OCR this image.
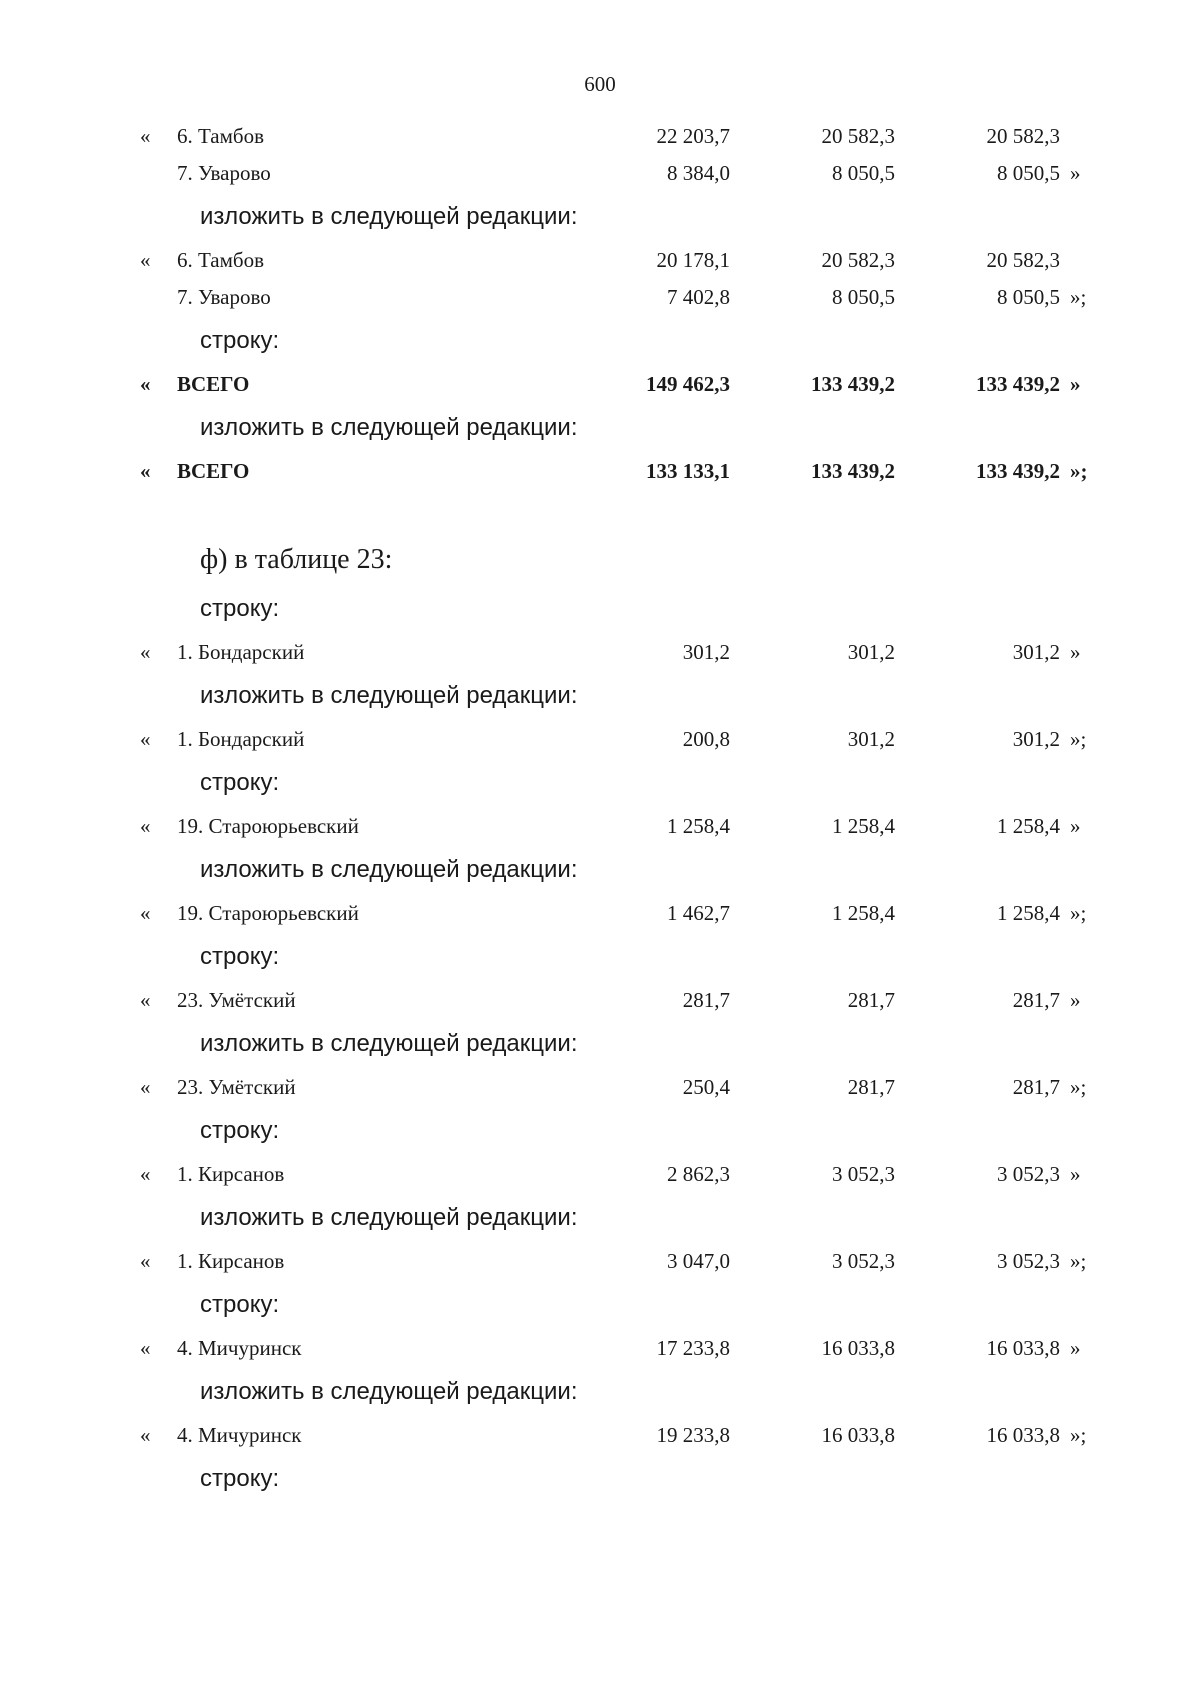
600
« 6. Тамбов	22 203,7	20 582,3	20 582,3
7. Уварово	8 384,0	8 050,5	8 050,5 »
изложить в следующей редакции:
« 6. Тамбов	20 178,1	20 582,3	20 582,3
7. Уварово	7 402,8	8 050,5	8 050,5 »;
строку:
« ВСЕГО	149 462,3	133 439,2	133 439,2 »
изложить в следующей редакции:
« ВСЕГО	133 133,1	133 439,2	133 439,2 »;
ф) в таблице 23:
строку:
« 1. Бондарский	301,2	301,2	301,2 »
изложить в следующей редакции:
« 1. Бондарский	200,8	301,2	301,2 »;
строку:
« 19. Староюрьевский	1 258,4	1 258,4	1 258,4 »
изложить в следующей редакции:
« 19. Староюрьевский	1 462,7	1 258,4	1 258,4 »;
строку:
« 23. Умётский	281,7	281,7	281,7 »
изложить в следующей редакции:
« 23. Умётский	250,4	281,7	281,7 »;
строку:
« 1. Кирсанов	2 862,3	3 052,3	3 052,3 »
изложить в следующей редакции:
« 1. Кирсанов	3 047,0	3 052,3	3 052,3 »;
строку:
« 4. Мичуринск	17 233,8	16 033,8	16 033,8 »
изложить в следующей редакции:
« 4. Мичуринск	19 233,8	16 033,8	16 033,8 »;
строку:
